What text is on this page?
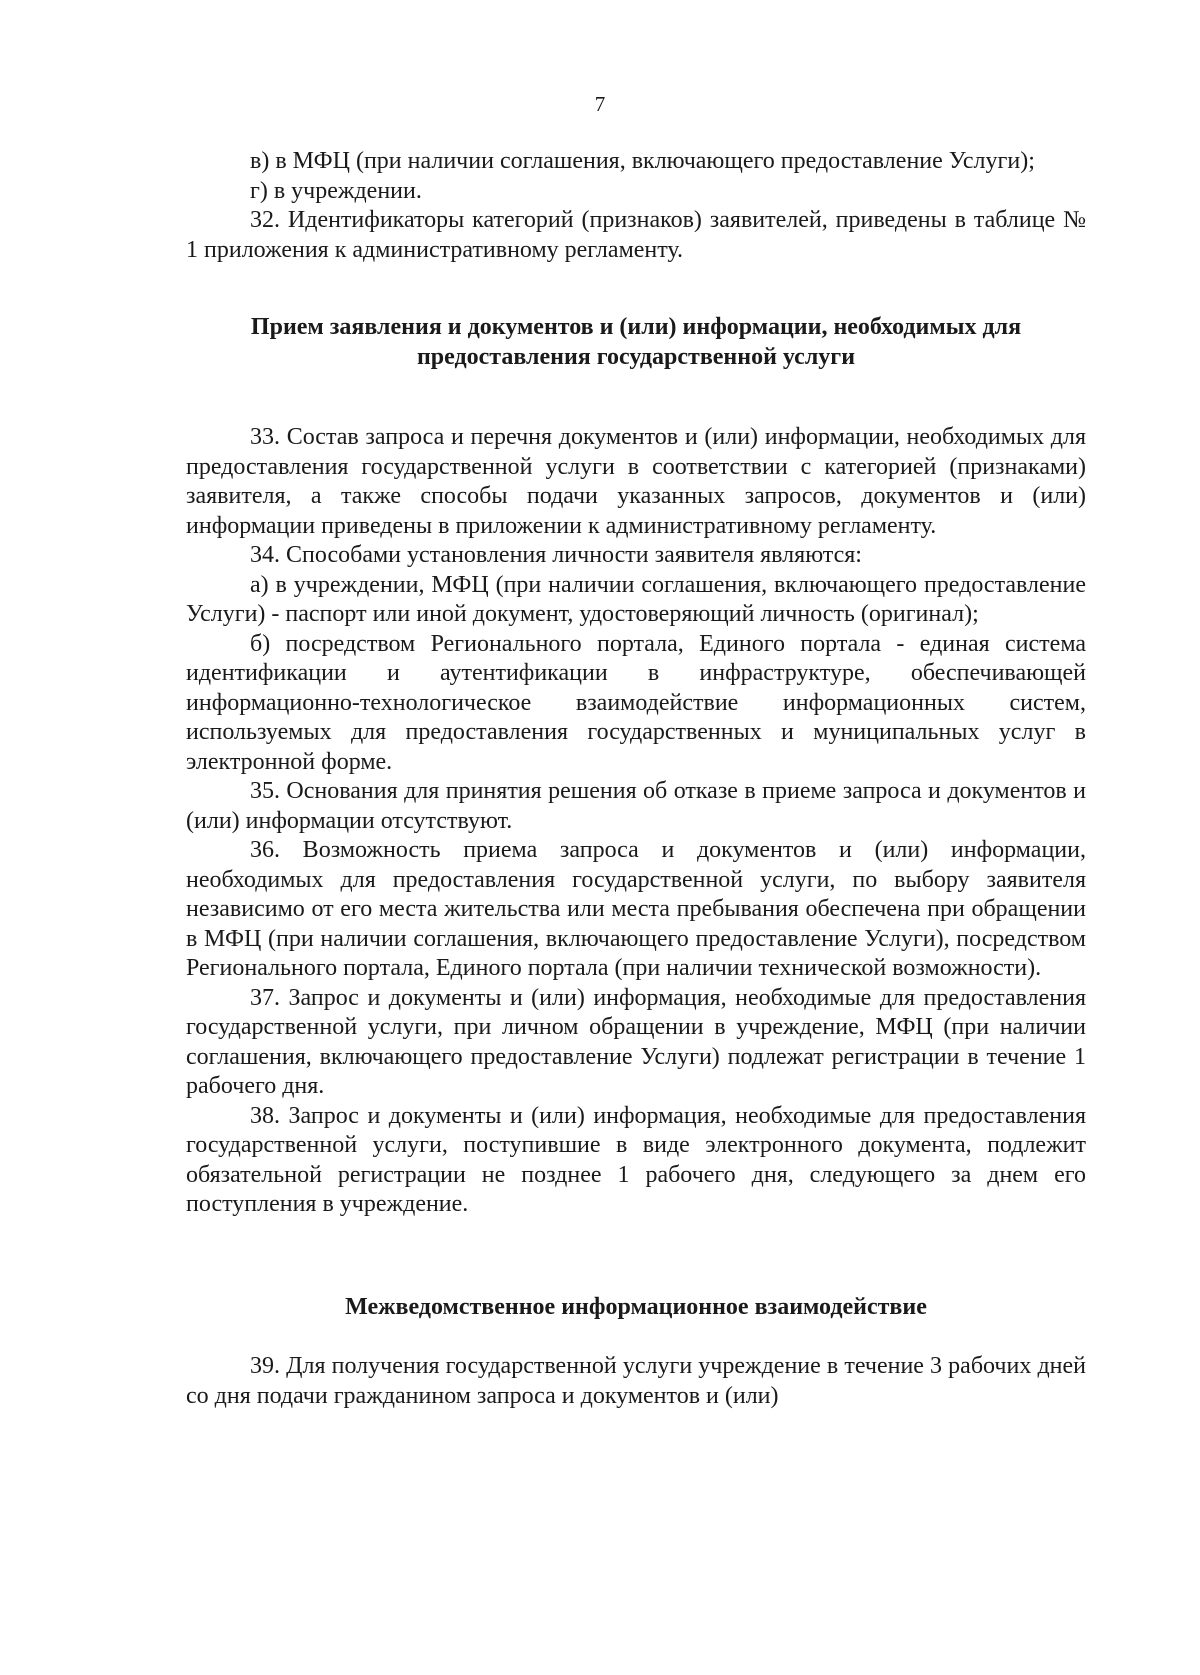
7

в) в МФЦ (при наличии соглашения, включающего предоставление Услуги);

г) в учреждении.

32. Идентификаторы категорий (признаков) заявителей, приведены в таблице № 1 приложения к административному регламенту.

Прием заявления и документов и (или) информации, необходимых для предоставления государственной услуги

33. Состав запроса и перечня документов и (или) информации, необходимых для предоставления государственной услуги в соответствии с категорией (признаками) заявителя, а также способы подачи указанных запросов, документов и (или) информации приведены в приложении к административному регламенту.

34. Способами установления личности заявителя являются:

а) в учреждении, МФЦ (при наличии соглашения, включающего предоставление Услуги) - паспорт или иной документ, удостоверяющий личность (оригинал);

б) посредством Регионального портала, Единого портала - единая система идентификации и аутентификации в инфраструктуре, обеспечивающей информационно-технологическое взаимодействие информационных систем, используемых для предоставления государственных и муниципальных услуг в электронной форме.

35. Основания для принятия решения об отказе в приеме запроса и документов и (или) информации отсутствуют.

36. Возможность приема запроса и документов и (или) информации, необходимых для предоставления государственной услуги, по выбору заявителя независимо от его места жительства или места пребывания обеспечена при обращении в МФЦ (при наличии соглашения, включающего предоставление Услуги), посредством Регионального портала, Единого портала (при наличии технической возможности).

37. Запрос и документы и (или) информация, необходимые для предоставления государственной услуги, при личном обращении в учреждение, МФЦ (при наличии соглашения, включающего предоставление Услуги) подлежат регистрации в течение 1 рабочего дня.

38. Запрос и документы и (или) информация, необходимые для предоставления государственной услуги, поступившие в виде электронного документа, подлежит обязательной регистрации не позднее 1 рабочего дня, следующего за днем его поступления в учреждение.

Межведомственное информационное взаимодействие

39. Для получения государственной услуги учреждение в течение 3 рабочих дней со дня подачи гражданином запроса и документов и (или)
